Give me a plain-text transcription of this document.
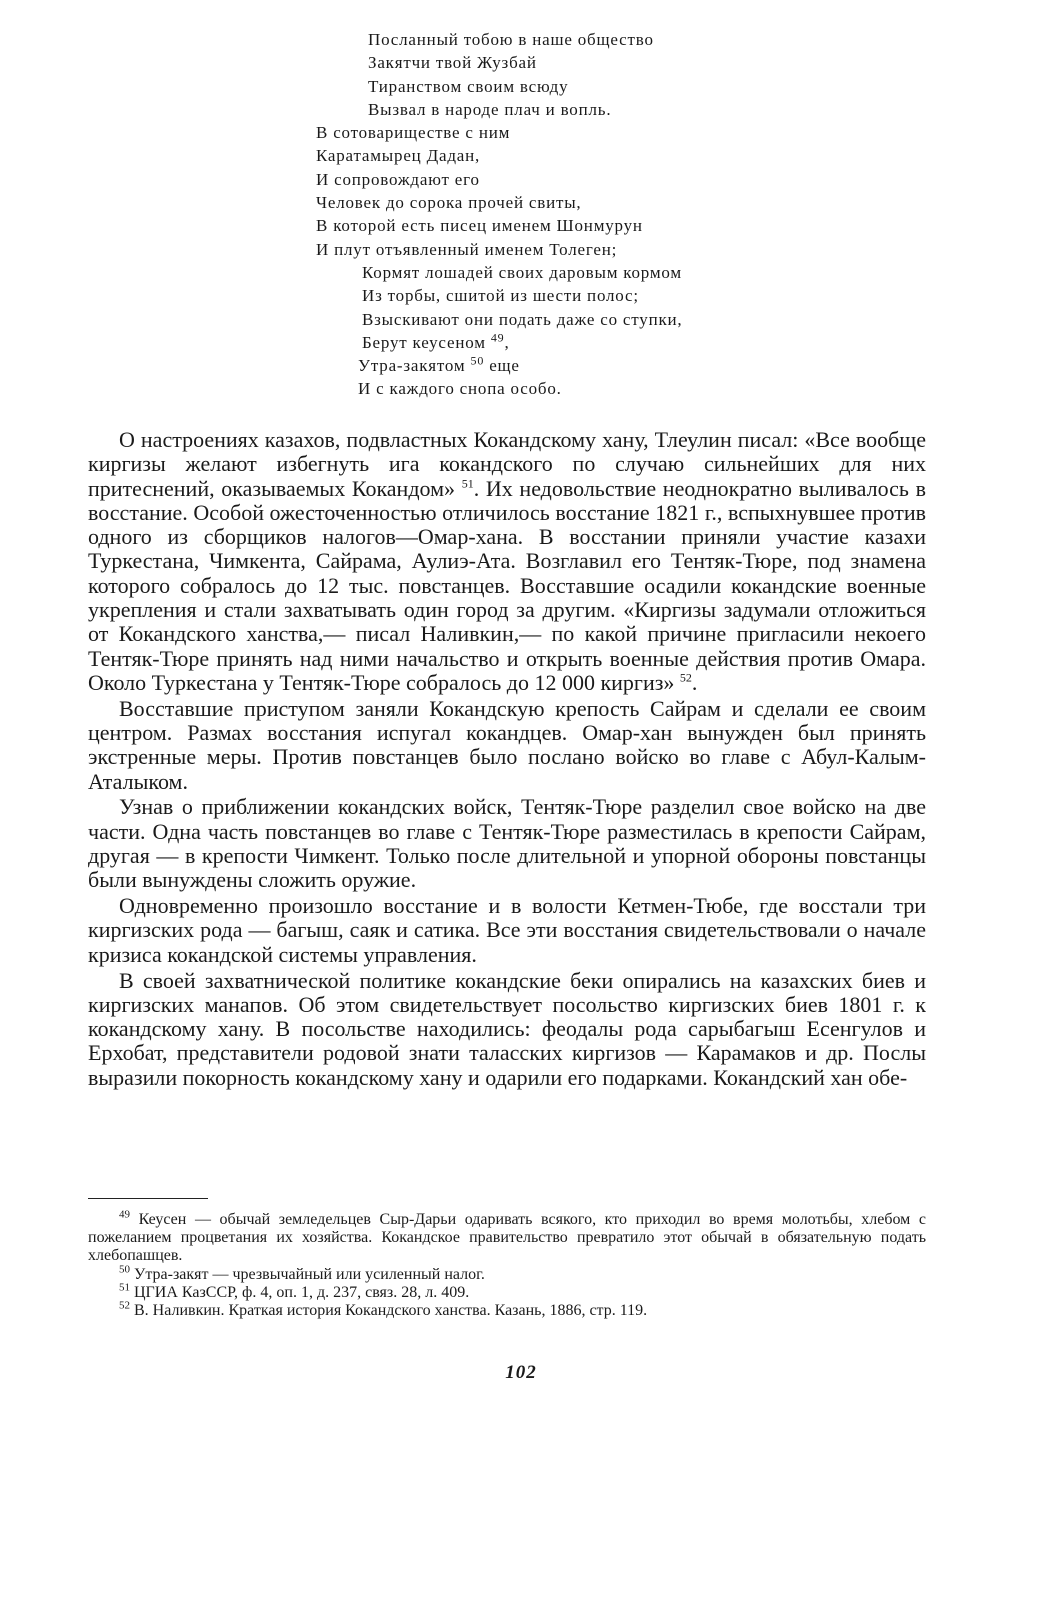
Посланный тобою в наше общество
Закятчи твой Жузбай
Тиранством своим всюду
Вызвал в народе плач и вопль.
В сотовариществе с ним
Каратамырец Дадан,
И сопровождают его
Человек до сорока прочей свиты,
В которой есть писец именем Шонмурун
И плут отъявленный именем Толеген;
Кормят лошадей своих даровым кормом
Из торбы, сшитой из шести полос;
Взыскивают они подать даже со ступки,
Берут кеусеном $^{49}$,
Утра-закятом $^{50}$ еще
И с каждого снопа особо.

О настроениях казахов, подвластных Кокандскому хану, Тлеулин писал: «Все вообще киргизы желают избегнуть ига кокандского по случаю сильнейших для них притеснений, оказываемых Кокандом» $^{51}$. Их недовольствие неоднократно выливалось в восстание. Особой ожесточенностью отличилось восстание 1821 г., вспыхнувшее против одного из сборщиков налогов—Омар-хана. В восстании приняли участие казахи Туркестана, Чимкента, Сайрама, Аулиэ-Ата. Возглавил его Тентяк-Тюре, под знамена которого собралось до 12 тыс. повстанцев. Восставшие осадили кокандские военные укрепления и стали захватывать один город за другим. «Киргизы задумали отложиться от Кокандского ханства,— писал Наливкин,— по какой причине пригласили некоего Тентяк-Тюре принять над ними начальство и открыть военные действия против Омара. Около Туркестана у Тентяк-Тюре собралось до 12 000 киргиз» $^{52}$.

Восставшие приступом заняли Кокандскую крепость Сайрам и сделали ее своим центром. Размах восстания испугал кокандцев. Омар-хан вынужден был принять экстренные меры. Против повстанцев было послано войско во главе с Абул-Калым-Аталыком.

Узнав о приближении кокандских войск, Тентяк-Тюре разделил свое войско на две части. Одна часть повстанцев во главе с Тентяк-Тюре разместилась в крепости Сайрам, другая — в крепости Чимкент. Только после длительной и упорной обороны повстанцы были вынуждены сложить оружие.

Одновременно произошло восстание и в волости Кетмен-Тюбе, где восстали три киргизских рода — багыш, саяк и сатика. Все эти восстания свидетельствовали о начале кризиса кокандской системы управления.

В своей захватнической политике кокандские беки опирались на казахских биев и киргизских манапов. Об этом свидетельствует посольство киргизских биев 1801 г. к кокандскому хану. В посольстве находились: феодалы рода сарыбагыш Есенгулов и Ерхобат, представители родовой знати таласских киргизов — Карамаков и др. Послы выразили покорность кокандскому хану и одарили его подарками. Кокандский хан обе-

$^{49}$ Кеусен — обычай земледельцев Сыр-Дарьи одаривать всякого, кто приходил во время молотьбы, хлебом с пожеланием процветания их хозяйства. Кокандское правительство превратило этот обычай в обязательную подать хлебопашцев.

$^{50}$ Утра-закят — чрезвычайный или усиленный налог.

$^{51}$ ЦГИА КазССР, ф. 4, оп. 1, д. 237, связ. 28, л. 409.

$^{52}$ В. Наливкин. Краткая история Кокандского ханства. Казань, 1886, стр. 119.

102
